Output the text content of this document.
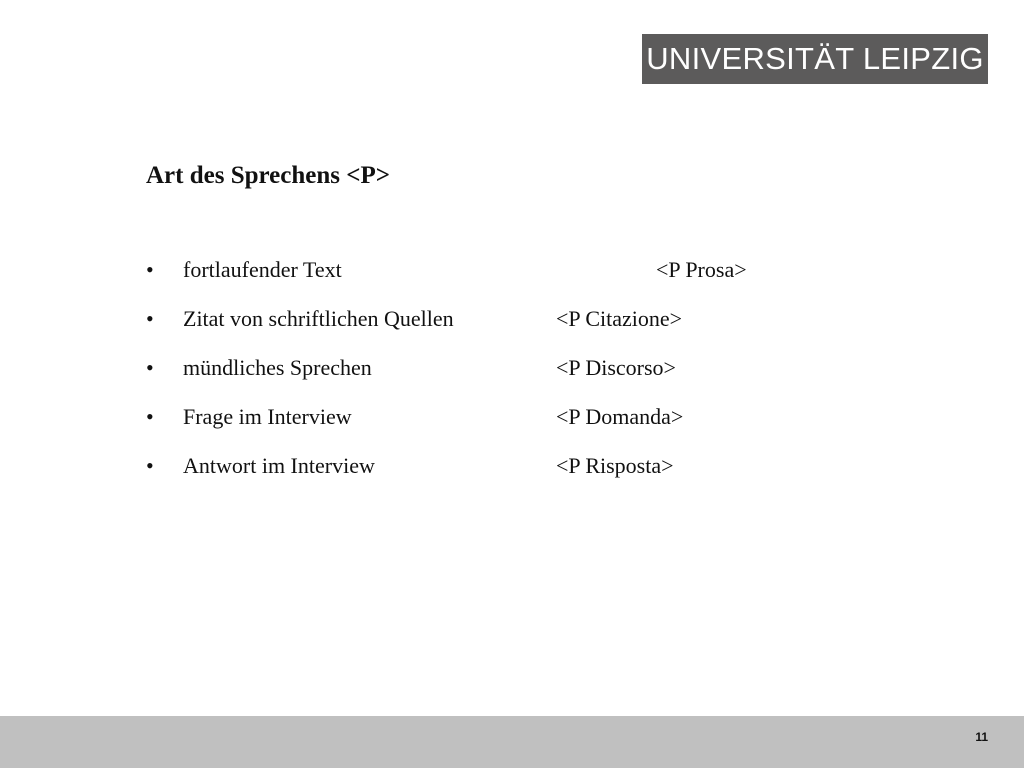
UNIVERSITÄT LEIPZIG
Art des Sprechens <P>
• fortlaufender Text	<P Prosa>
• Zitat von schriftlichen Quellen	<P Citazione>
• mündliches Sprechen	<P Discorso>
• Frage im Interview	<P Domanda>
• Antwort im Interview	<P Risposta>
11
